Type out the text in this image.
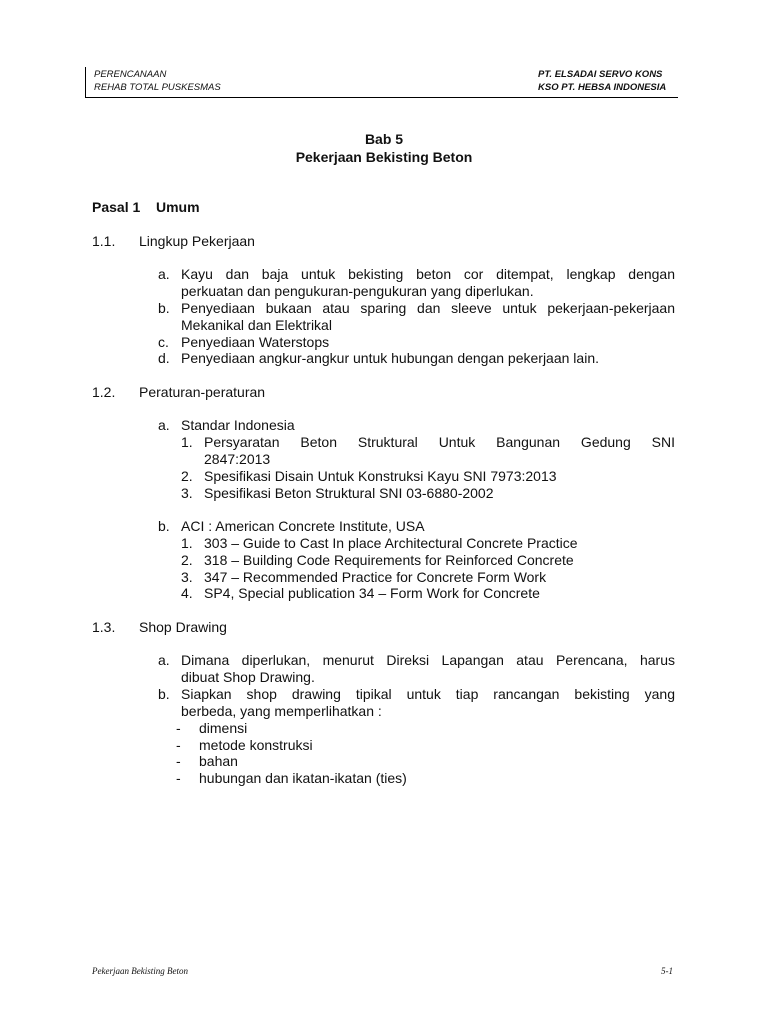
PERENCANAAN
REHAB TOTAL PUSKESMAS
PT. ELSADAI SERVO KONS
KSO PT. HEBSA INDONESIA
Bab 5
Pekerjaan Bekisting Beton
Pasal 1 Umum
1.1. Lingkup Pekerjaan
a. Kayu dan baja untuk bekisting beton cor ditempat, lengkap dengan
perkuatan dan pengukuran-pengukuran yang diperlukan.
b. Penyediaan bukaan atau sparing dan sleeve untuk pekerjaan-pekerjaan
Mekanikal dan Elektrikal
c. Penyediaan Waterstops
d. Penyediaan angkur-angkur untuk hubungan dengan pekerjaan lain.
1.2. Peraturan-peraturan
a. Standar Indonesia
1. Persyaratan Beton Struktural Untuk Bangunan Gedung SNI
2847:2013
2. Spesifikasi Disain Untuk Konstruksi Kayu SNI 7973:2013
3. Spesifikasi Beton Struktural SNI 03-6880-2002
b. ACI : American Concrete Institute, USA
1. 303 – Guide to Cast In place Architectural Concrete Practice
2. 318 – Building Code Requirements for Reinforced Concrete
3. 347 – Recommended Practice for Concrete Form Work
4. SP4, Special publication 34 – Form Work for Concrete
1.3. Shop Drawing
a. Dimana diperlukan, menurut Direksi Lapangan atau Perencana, harus
dibuat Shop Drawing.
b. Siapkan shop drawing tipikal untuk tiap rancangan bekisting yang
berbeda, yang memperlihatkan :
- dimensi
- metode konstruksi
- bahan
- hubungan dan ikatan-ikatan (ties)
Pekerjaan Bekisting Beton	5-1
